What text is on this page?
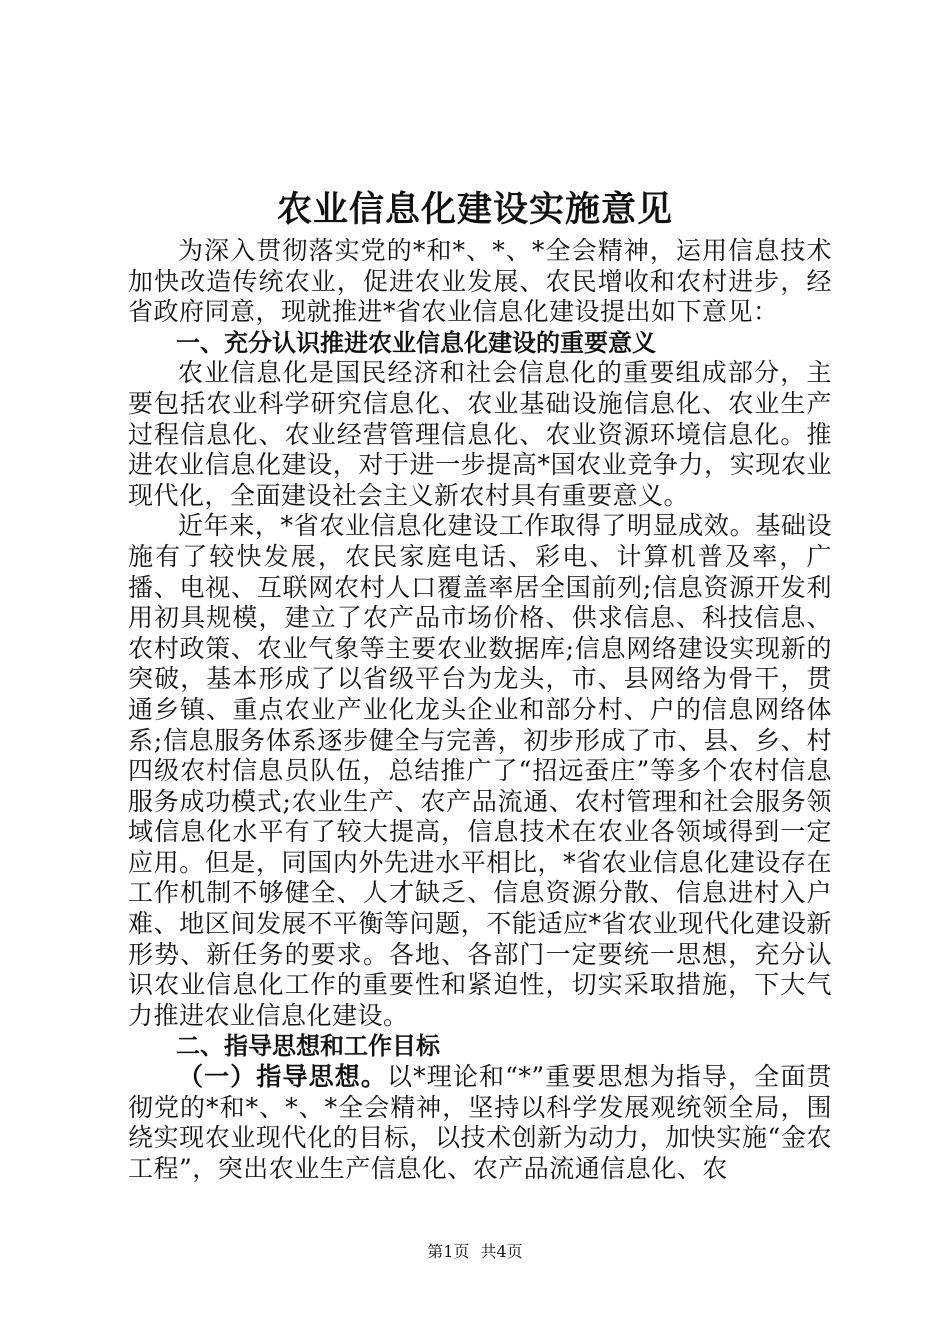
农业信息化建设实施意见

为深入贯彻落实党的*和*、*、*全会精神，运用信息技术加快改造传统农业，促进农业发展、农民增收和农村进步，经省政府同意，现就推进*省农业信息化建设提出如下意见：

一、充分认识推进农业信息化建设的重要意义

农业信息化是国民经济和社会信息化的重要组成部分，主要包括农业科学研究信息化、农业基础设施信息化、农业生产过程信息化、农业经营管理信息化、农业资源环境信息化。推进农业信息化建设，对于进一步提高*国农业竞争力，实现农业现代化，全面建设社会主义新农村具有重要意义。

近年来，*省农业信息化建设工作取得了明显成效。基础设施有了较快发展，农民家庭电话、彩电、计算机普及率，广播、电视、互联网农村人口覆盖率居全国前列;信息资源开发利用初具规模，建立了农产品市场价格、供求信息、科技信息、农村政策、农业气象等主要农业数据库;信息网络建设实现新的突破，基本形成了以省级平台为龙头，市、县网络为骨干，贯通乡镇、重点农业产业化龙头企业和部分村、户的信息网络体系;信息服务体系逐步健全与完善，初步形成了市、县、乡、村四级农村信息员队伍，总结推广了“招远蚕庄”等多个农村信息服务成功模式;农业生产、农产品流通、农村管理和社会服务领域信息化水平有了较大提高，信息技术在农业各领域得到一定应用。但是，同国内外先进水平相比，*省农业信息化建设存在工作机制不够健全、人才缺乏、信息资源分散、信息进村入户难、地区间发展不平衡等问题，不能适应*省农业现代化建设新形势、新任务的要求。各地、各部门一定要统一思想，充分认识农业信息化工作的重要性和紧迫性，切实采取措施，下大气力推进农业信息化建设。

二、指导思想和工作目标

（一）指导思想。以*理论和“*”重要思想为指导，全面贯彻党的*和*、*、*全会精神，坚持以科学发展观统领全局，围绕实现农业现代化的目标，以技术创新为动力，加快实施“金农工程”，突出农业生产信息化、农产品流通信息化、农

第1页 共4页
